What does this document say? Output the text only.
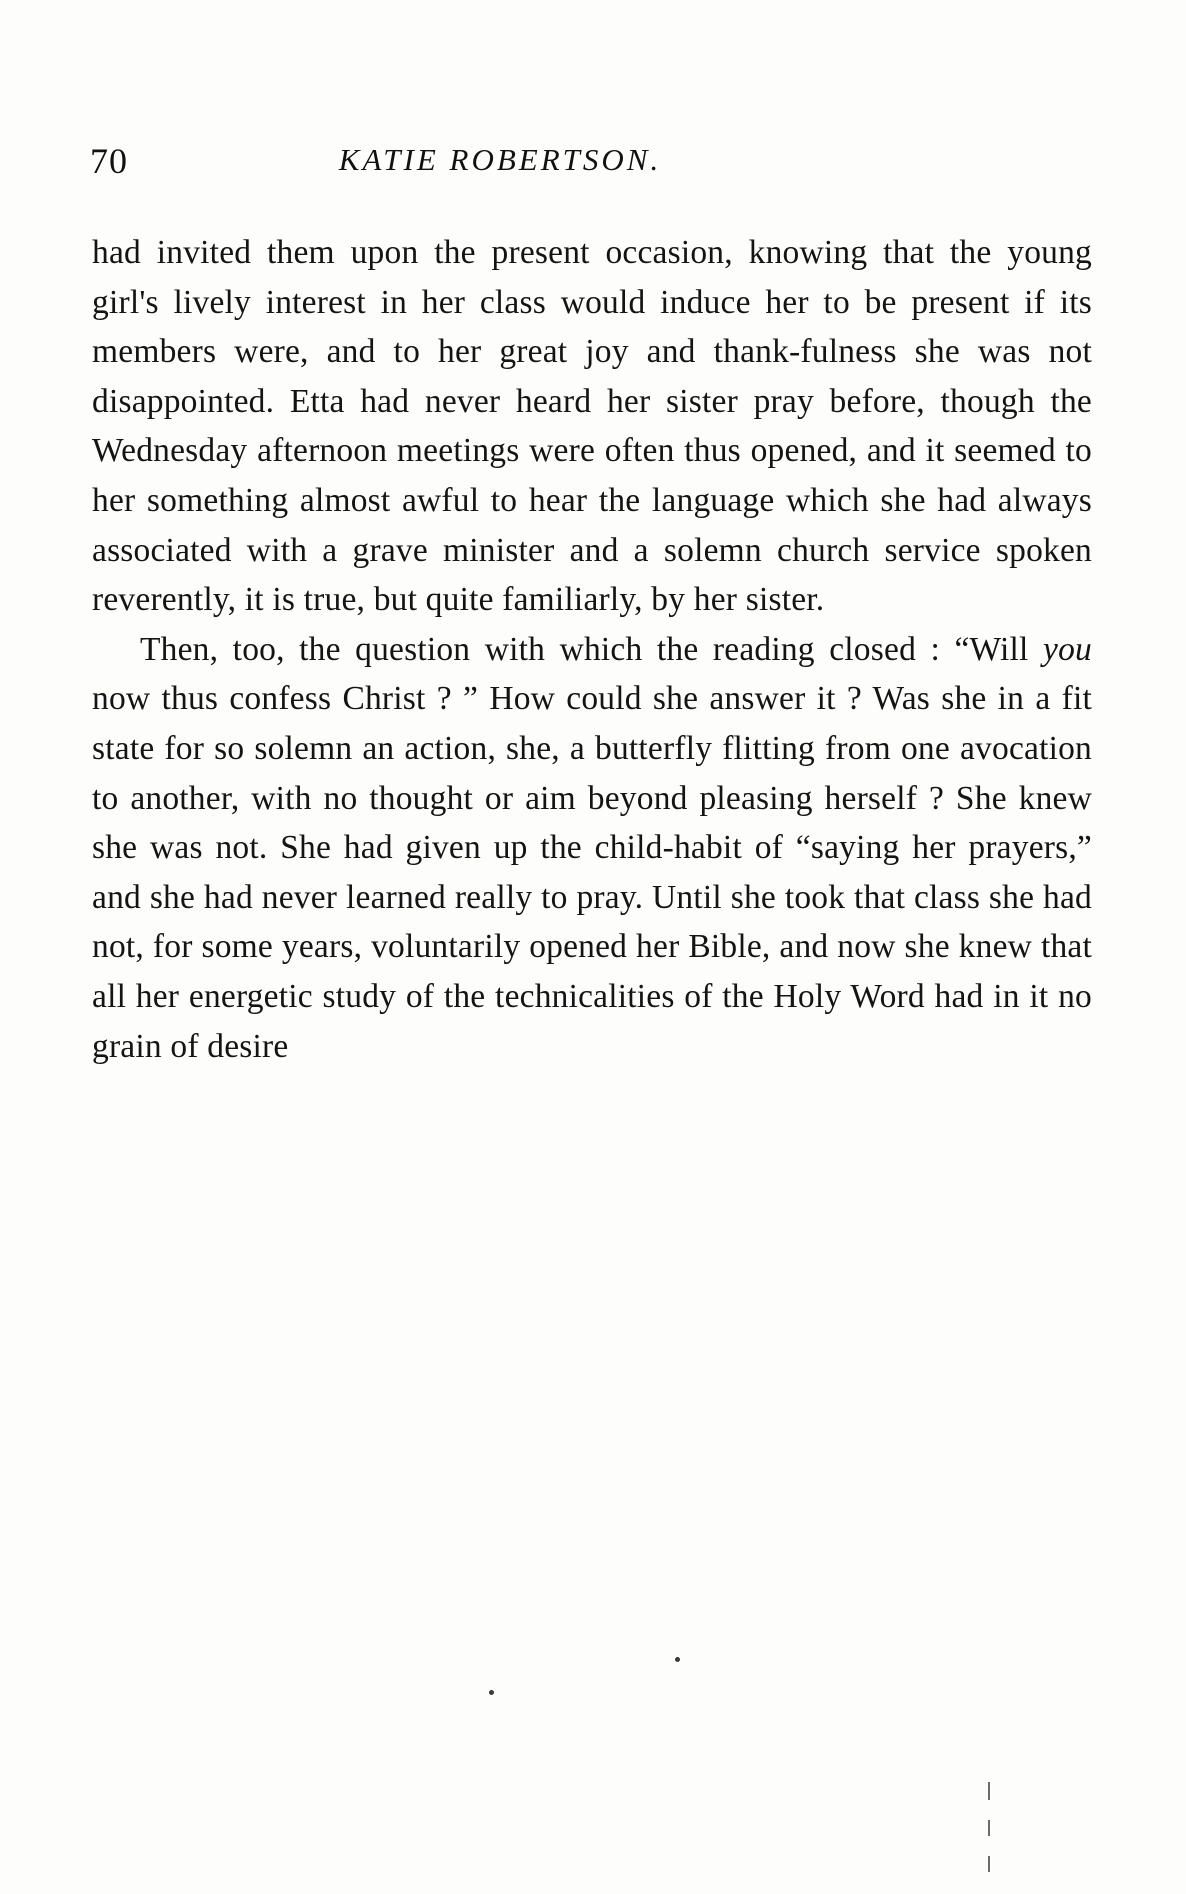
70	KATIE ROBERTSON.

had invited them upon the present occasion, knowing that the young girl's lively interest in her class would induce her to be present if its members were, and to her great joy and thank-fulness she was not disappointed. Etta had never heard her sister pray before, though the Wednesday afternoon meetings were often thus opened, and it seemed to her something almost awful to hear the language which she had always associated with a grave minister and a solemn church service spoken reverently, it is true, but quite familiarly, by her sister.

Then, too, the question with which the reading closed : “Will you now thus confess Christ ? ” How could she answer it ? Was she in a fit state for so solemn an action, she, a butterfly flitting from one avocation to another, with no thought or aim beyond pleasing herself ? She knew she was not. She had given up the child-habit of “saying her prayers,” and she had never learned really to pray. Until she took that class she had not, for some years, voluntarily opened her Bible, and now she knew that all her energetic study of the technicalities of the Holy Word had in it no grain of desire
